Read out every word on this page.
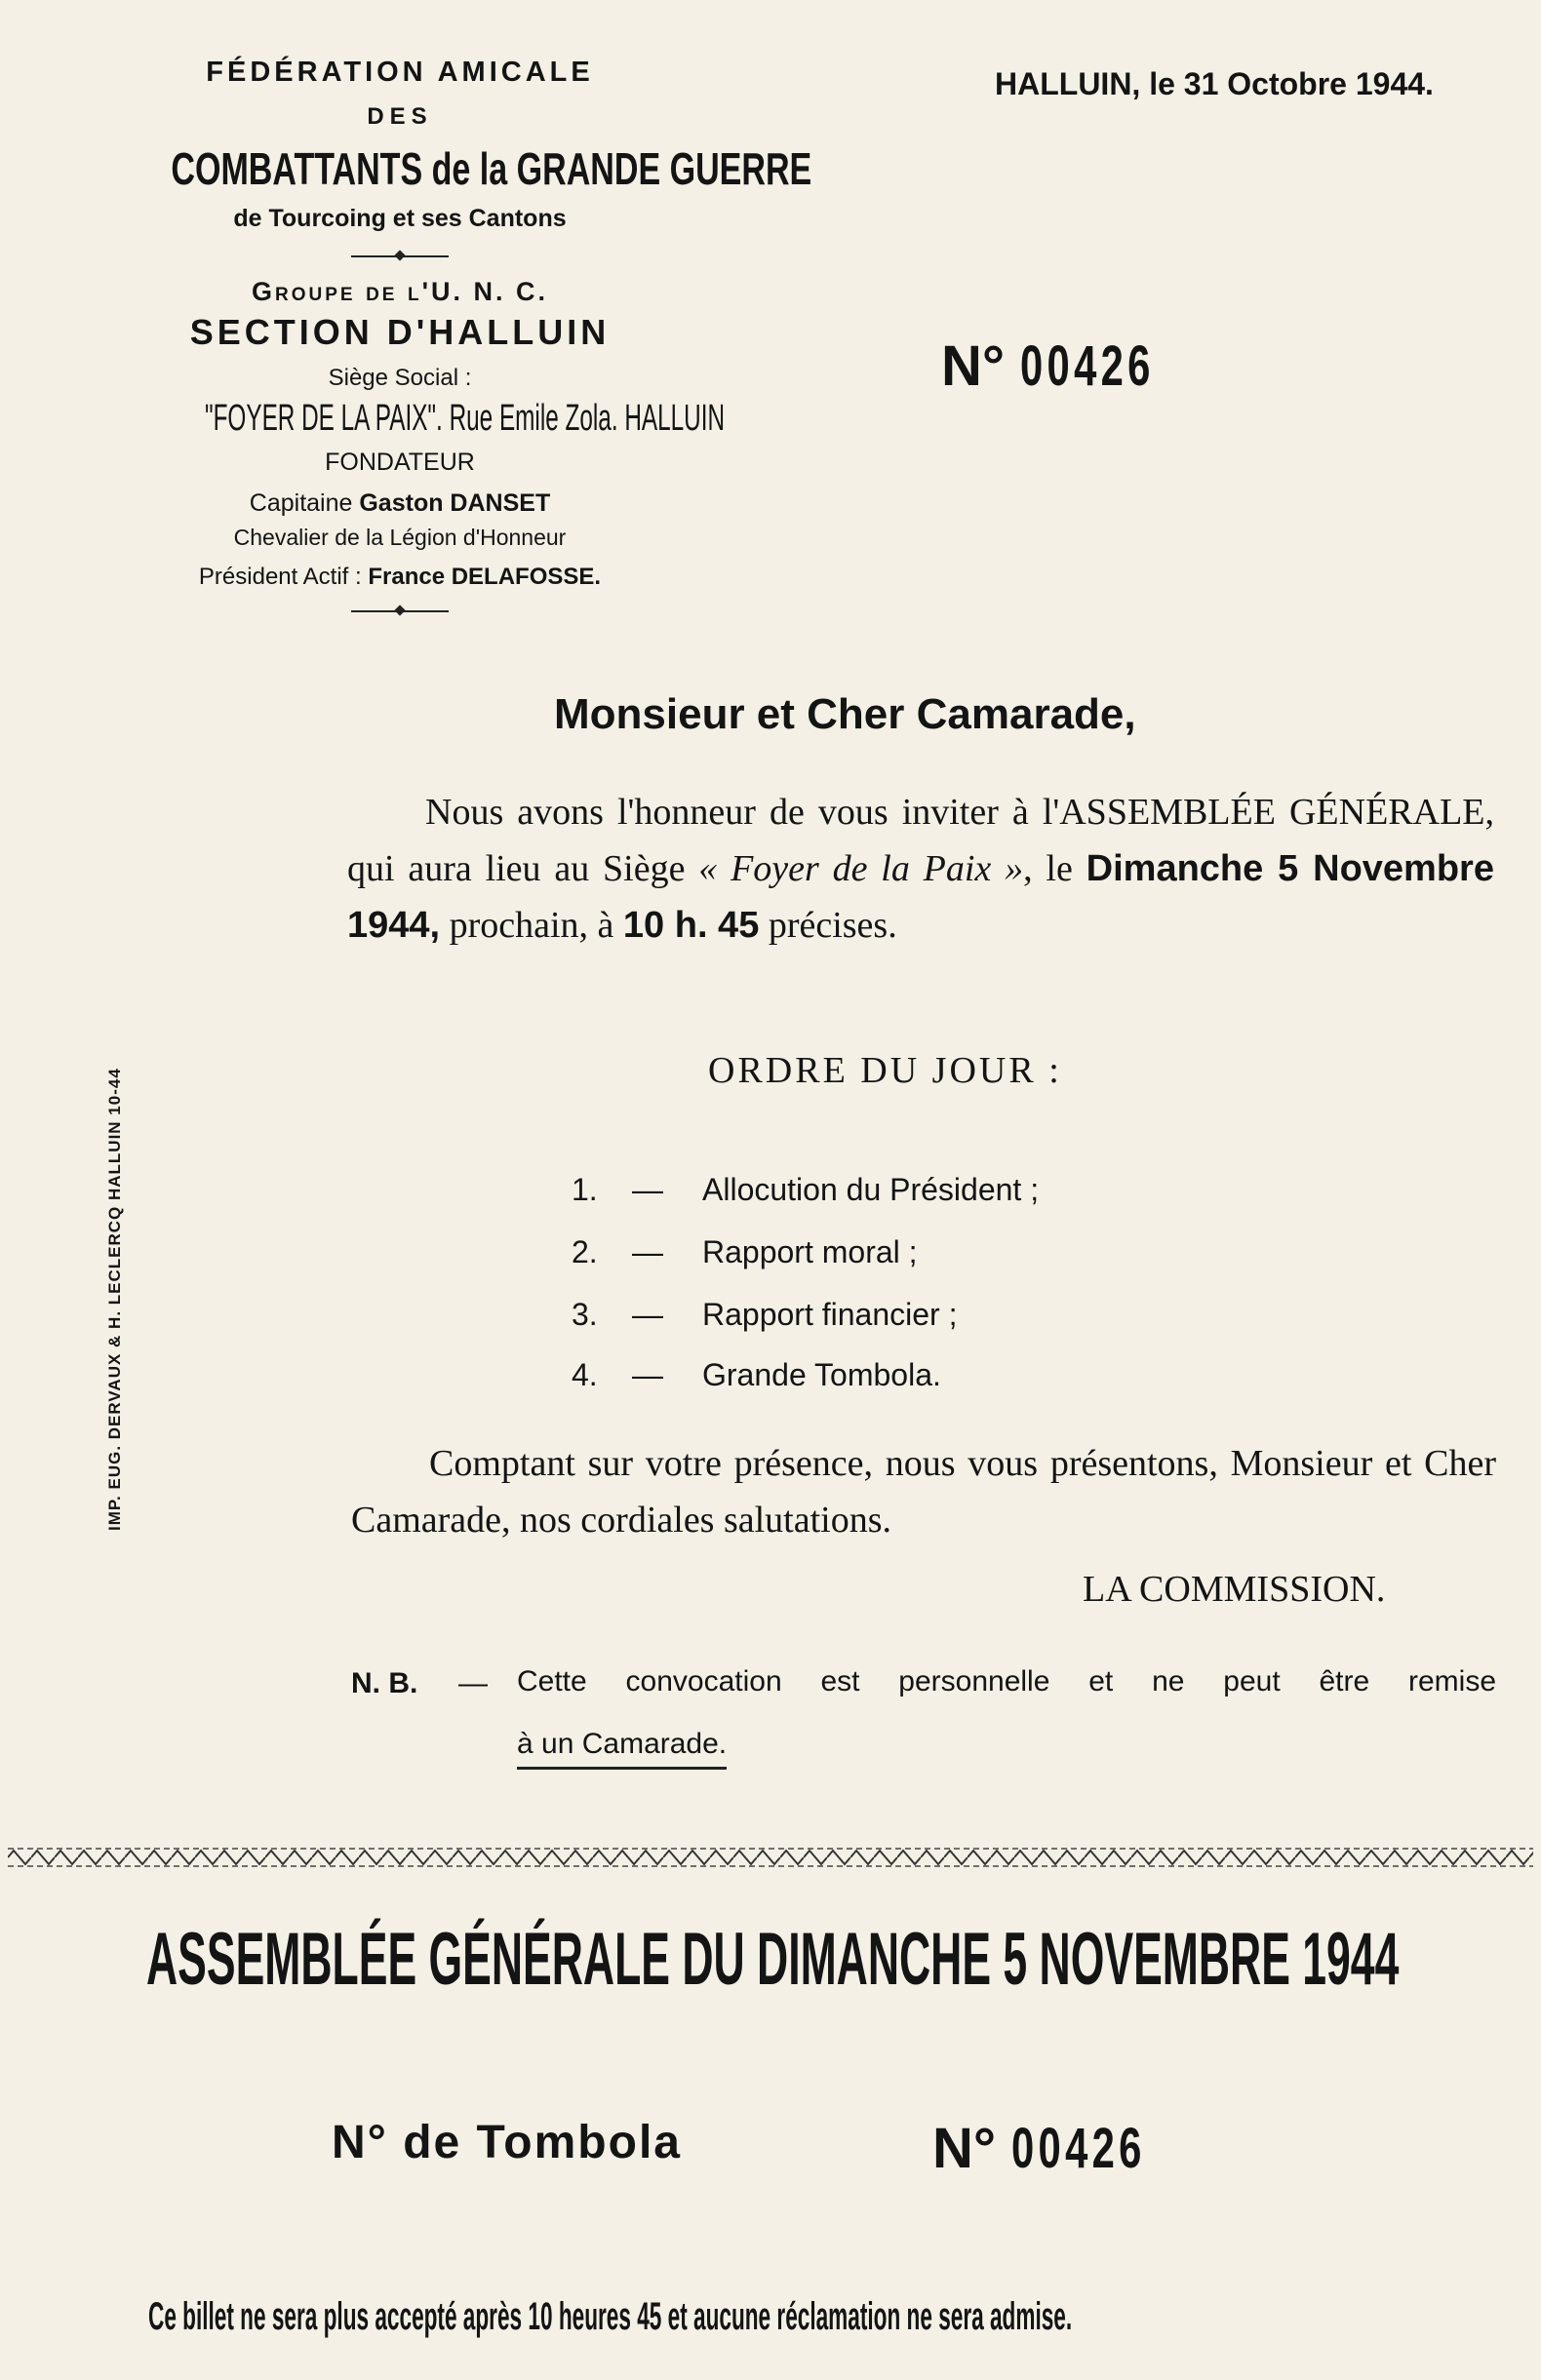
FÉDÉRATION AMICALE
DES
COMBATTANTS de la GRANDE GUERRE
de Tourcoing et ses Cantons
Groupe de l'U. N. C.
SECTION D'HALLUIN
Siège Social :
"FOYER DE LA PAIX". Rue Emile Zola. HALLUIN
FONDATEUR
Capitaine Gaston DANSET
Chevalier de la Légion d'Honneur
Président Actif : France DELAFOSSE.
HALLUIN, le 31 Octobre 1944.
N° 00426
Monsieur et Cher Camarade,
Nous avons l'honneur de vous inviter à l'ASSEMBLÉE GÉNÉRALE, qui aura lieu au Siège « Foyer de la Paix », le Dimanche 5 Novembre 1944, prochain, à 10 h. 45 précises.
ORDRE DU JOUR :
1. — Allocution du Président ;
2. — Rapport moral ;
3. — Rapport financier ;
4. — Grande Tombola.
Comptant sur votre présence, nous vous présentons, Monsieur et Cher Camarade, nos cordiales salutations.
LA COMMISSION.
N. B. — Cette convocation est personnelle et ne peut être remise
à un Camarade.
IMP. EUG. DERVAUX & H. LECLERCQ HALLUIN 10-44
ASSEMBLÉE GÉNÉRALE DU DIMANCHE 5 NOVEMBRE 1944
N° de Tombola	N° 00426
Ce billet ne sera plus accepté après 10 heures 45 et aucune réclamation ne sera admise.
